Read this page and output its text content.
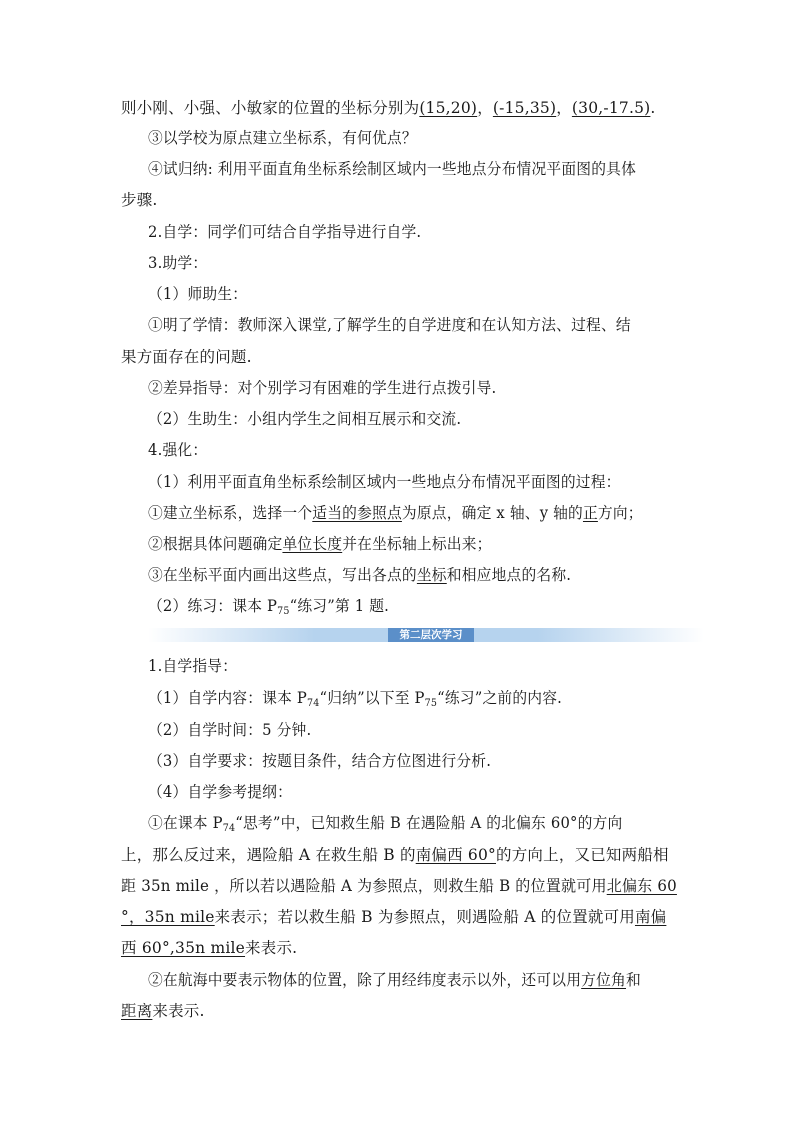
则小刚、小强、小敏家的位置的坐标分别为(15,20)，(-15,35)，(30,-17.5).
③以学校为原点建立坐标系，有何优点？
④试归纳: 利用平面直角坐标系绘制区域内一些地点分布情况平面图的具体
步骤.
2.自学：同学们可结合自学指导进行自学.
3.助学：
（1）师助生：
①明了学情：教师深入课堂,了解学生的自学进度和在认知方法、过程、结
果方面存在的问题.
②差异指导：对个别学习有困难的学生进行点拨引导.
（2）生助生：小组内学生之间相互展示和交流.
4.强化：
（1）利用平面直角坐标系绘制区域内一些地点分布情况平面图的过程：
①建立坐标系，选择一个适当的参照点为原点，确定 x 轴、y 轴的正方向；
②根据具体问题确定单位长度并在坐标轴上标出来；
③在坐标平面内画出这些点，写出各点的坐标和相应地点的名称.
（2）练习：课本 $P_{75}“$练习”第 1 题.
第二层次学习
1.自学指导：
（1）自学内容：课本 $P_{74}“$归纳”以下至 $P_{75}“$练习”之前的内容.
（2）自学时间：5 分钟.
（3）自学要求：按题目条件，结合方位图进行分析.
（4）自学参考提纲：
①在课本 $P_{74}“$思考”中，已知救生船 B 在遇险船 A 的北偏东 60°的方向
上，那么反过来，遇险船 A 在救生船 B 的南偏西 60°的方向上，又已知两船相
距 35n mile ，所以若以遇险船 A 为参照点，则救生船 B 的位置就可用北偏东 60
°，35n mile来表示；若以救生船 B 为参照点，则遇险船 A 的位置就可用南偏
西 60°,35n mile来表示.
②在航海中要表示物体的位置，除了用经纬度表示以外，还可以用方位角和
距离来表示.
